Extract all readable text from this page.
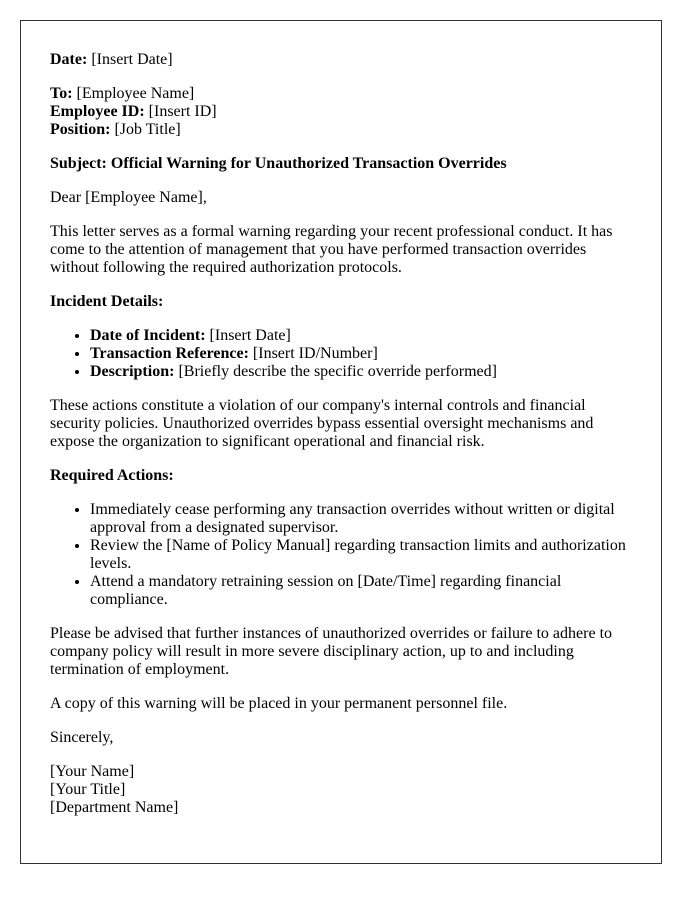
Date: [Insert Date]

To: [Employee Name]
Employee ID: [Insert ID]
Position: [Job Title]

Subject: Official Warning for Unauthorized Transaction Overrides

Dear [Employee Name],

This letter serves as a formal warning regarding your recent professional conduct. It has come to the attention of management that you have performed transaction overrides without following the required authorization protocols.

Incident Details:

• Date of Incident: [Insert Date]
• Transaction Reference: [Insert ID/Number]
• Description: [Briefly describe the specific override performed]

These actions constitute a violation of our company's internal controls and financial security policies. Unauthorized overrides bypass essential oversight mechanisms and expose the organization to significant operational and financial risk.

Required Actions:

• Immediately cease performing any transaction overrides without written or digital approval from a designated supervisor.
• Review the [Name of Policy Manual] regarding transaction limits and authorization levels.
• Attend a mandatory retraining session on [Date/Time] regarding financial compliance.

Please be advised that further instances of unauthorized overrides or failure to adhere to company policy will result in more severe disciplinary action, up to and including termination of employment.

A copy of this warning will be placed in your permanent personnel file.

Sincerely,

[Your Name]
[Your Title]
[Department Name]
